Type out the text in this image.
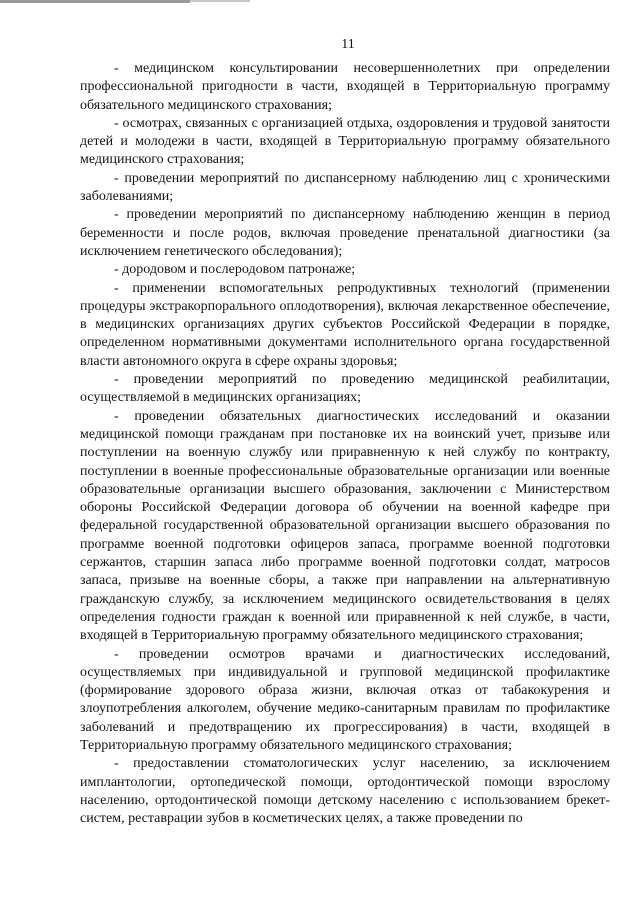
11

- медицинском консультировании несовершеннолетних при определении профессиональной пригодности в части, входящей в Территориальную программу обязательного медицинского страхования;

- осмотрах, связанных с организацией отдыха, оздоровления и трудовой занятости детей и молодежи в части, входящей в Территориальную программу обязательного медицинского страхования;

- проведении мероприятий по диспансерному наблюдению лиц с хроническими заболеваниями;

- проведении мероприятий по диспансерному наблюдению женщин в период беременности и после родов, включая проведение пренатальной диагностики (за исключением генетического обследования);

- дородовом и послеродовом патронаже;

- применении вспомогательных репродуктивных технологий (применении процедуры экстракорпорального оплодотворения), включая лекарственное обеспечение, в медицинских организациях других субъектов Российской Федерации в порядке, определенном нормативными документами исполнительного органа государственной власти автономного округа в сфере охраны здоровья;

- проведении мероприятий по проведению медицинской реабилитации, осуществляемой в медицинских организациях;

- проведении обязательных диагностических исследований и оказании медицинской помощи гражданам при постановке их на воинский учет, призыве или поступлении на военную службу или приравненную к ней службу по контракту, поступлении в военные профессиональные образовательные организации или военные образовательные организации высшего образования, заключении с Министерством обороны Российской Федерации договора об обучении на военной кафедре при федеральной государственной образовательной организации высшего образования по программе военной подготовки офицеров запаса, программе военной подготовки сержантов, старшин запаса либо программе военной подготовки солдат, матросов запаса, призыве на военные сборы, а также при направлении на альтернативную гражданскую службу, за исключением медицинского освидетельствования в целях определения годности граждан к военной или приравненной к ней службе, в части, входящей в Территориальную программу обязательного медицинского страхования;

- проведении осмотров врачами и диагностических исследований, осуществляемых при индивидуальной и групповой медицинской профилактике (формирование здорового образа жизни, включая отказ от табакокурения и злоупотребления алкоголем, обучение медико-санитарным правилам по профилактике заболеваний и предотвращению их прогрессирования) в части, входящей в Территориальную программу обязательного медицинского страхования;

- предоставлении стоматологических услуг населению, за исключением имплантологии, ортопедической помощи, ортодонтической помощи взрослому населению, ортодонтической помощи детскому населению с использованием брекет-систем, реставрации зубов в косметических целях, а также проведении по
